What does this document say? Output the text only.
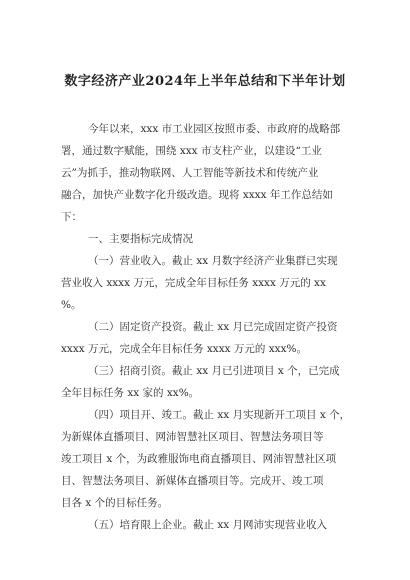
数字经济产业2024年上半年总结和下半年计划
今年以来，xxx 市工业园区按照市委、市政府的战略部
署，通过数字赋能，围绕 xxx 市支柱产业，以建设“工业
云”为抓手，推动物联网、人工智能等新技术和传统产业
融合，加快产业数字化升级改造。现将 xxxx 年工作总结如
下：
一、主要指标完成情况
（一）营业收入。截止 xx 月数字经济产业集群已实现
营业收入 xxxx 万元，完成全年目标任务 xxxx 万元的 xx
%。
（二）固定资产投资。截止 xx 月已完成固定资产投资
xxxx 万元，完成全年目标任务 xxxx 万元的 xxx%。
（三）招商引资。截止 xx 月已引进项目 x 个，已完成
全年目标任务 xx 家的 xx%。
（四）项目开、竣工。截止 xx 月实现新开工项目 x 个，
为新媒体直播项目、网沛智慧社区项目、智慧法务项目等
竣工项目 x 个，为政雅服饰电商直播项目、网沛智慧社区项
目、智慧法务项目、新媒体直播项目等。完成开、竣工项
目各 x 个的目标任务。
（五）培育限上企业。截止 xx 月网沛实现营业收入
